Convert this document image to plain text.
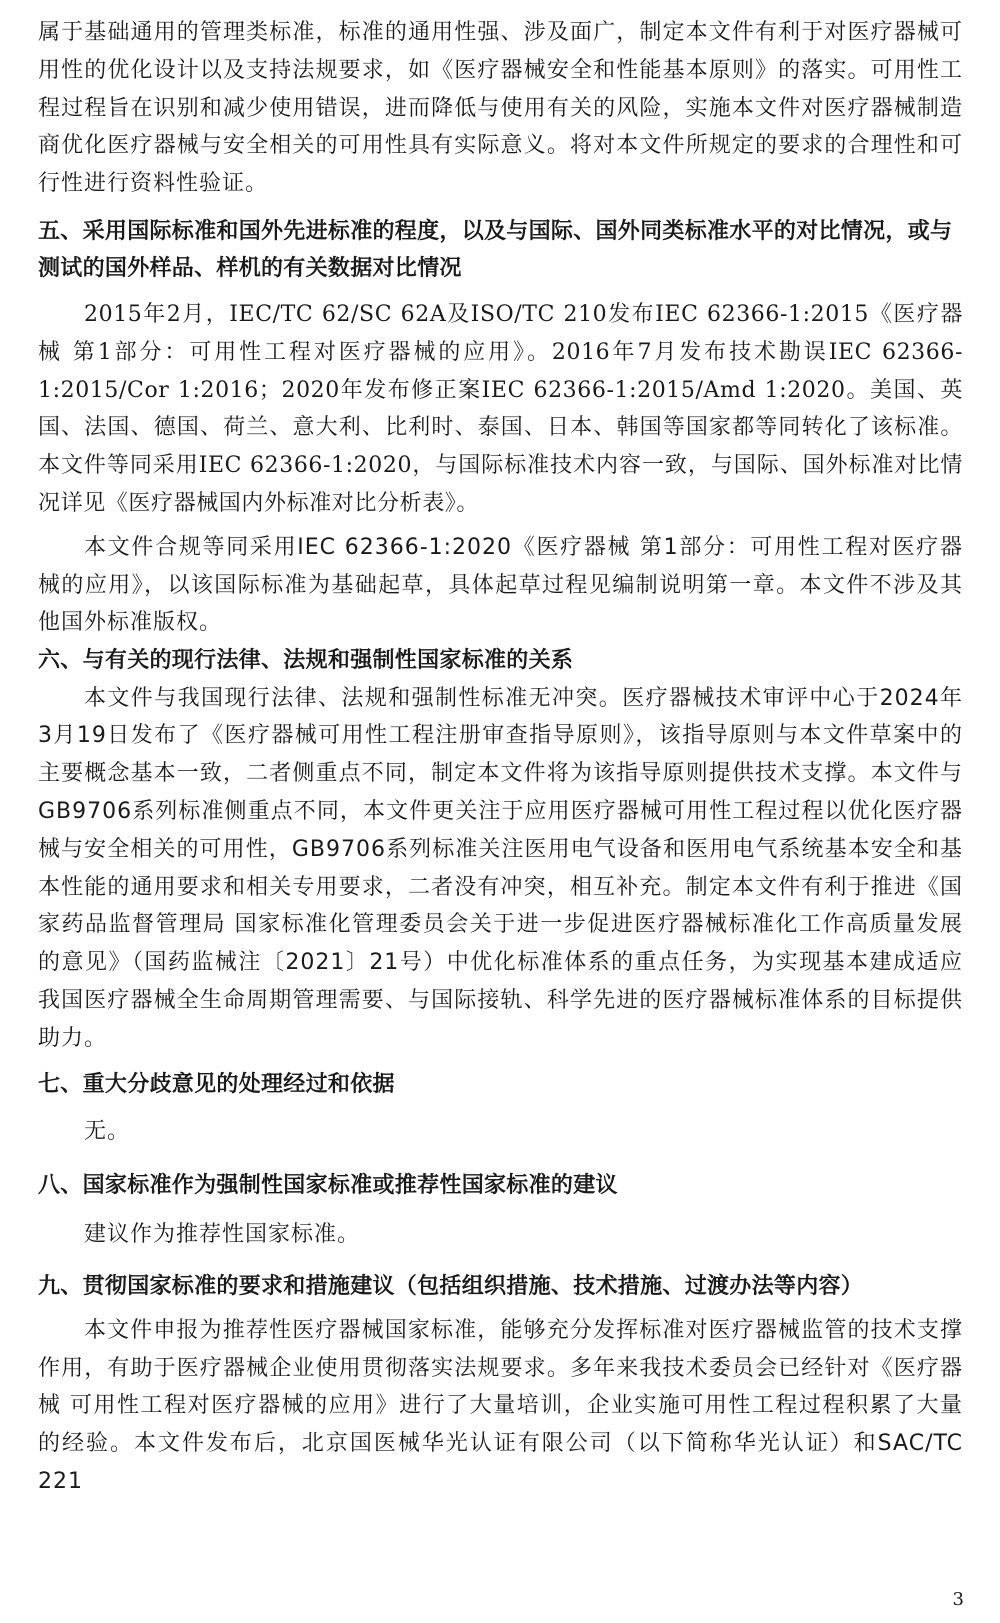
属于基础通用的管理类标准，标准的通用性强、涉及面广，制定本文件有利于对医疗器械可用性的优化设计以及支持法规要求，如《医疗器械安全和性能基本原则》的落实。可用性工程过程旨在识别和减少使用错误，进而降低与使用有关的风险，实施本文件对医疗器械制造商优化医疗器械与安全相关的可用性具有实际意义。将对本文件所规定的要求的合理性和可行性进行资料性验证。

五、采用国际标准和国外先进标准的程度，以及与国际、国外同类标准水平的对比情况，或与测试的国外样品、样机的有关数据对比情况

2015年2月，IEC/TC 62/SC 62A及ISO/TC 210发布IEC 62366-1:2015《医疗器械 第1部分：可用性工程对医疗器械的应用》。2016年7月发布技术勘误IEC 62366-1:2015/Cor 1:2016；2020年发布修正案IEC 62366-1:2015/Amd 1:2020。美国、英国、法国、德国、荷兰、意大利、比利时、泰国、日本、韩国等国家都等同转化了该标准。本文件等同采用IEC 62366-1:2020，与国际标准技术内容一致，与国际、国外标准对比情况详见《医疗器械国内外标准对比分析表》。

本文件合规等同采用IEC 62366-1:2020《医疗器械 第1部分：可用性工程对医疗器械的应用》，以该国际标准为基础起草，具体起草过程见编制说明第一章。本文件不涉及其他国外标准版权。

六、与有关的现行法律、法规和强制性国家标准的关系

本文件与我国现行法律、法规和强制性标准无冲突。医疗器械技术审评中心于2024年3月19日发布了《医疗器械可用性工程注册审查指导原则》，该指导原则与本文件草案中的主要概念基本一致，二者侧重点不同，制定本文件将为该指导原则提供技术支撑。本文件与GB9706系列标准侧重点不同，本文件更关注于应用医疗器械可用性工程过程以优化医疗器械与安全相关的可用性，GB9706系列标准关注医用电气设备和医用电气系统基本安全和基本性能的通用要求和相关专用要求，二者没有冲突，相互补充。制定本文件有利于推进《国家药品监督管理局 国家标准化管理委员会关于进一步促进医疗器械标准化工作高质量发展的意见》（国药监械注〔2021〕21号）中优化标准体系的重点任务，为实现基本建成适应我国医疗器械全生命周期管理需要、与国际接轨、科学先进的医疗器械标准体系的目标提供助力。

七、重大分歧意见的处理经过和依据

无。

八、国家标准作为强制性国家标准或推荐性国家标准的建议

建议作为推荐性国家标准。

九、贯彻国家标准的要求和措施建议（包括组织措施、技术措施、过渡办法等内容）

本文件申报为推荐性医疗器械国家标准，能够充分发挥标准对医疗器械监管的技术支撑作用，有助于医疗器械企业使用贯彻落实法规要求。多年来我技术委员会已经针对《医疗器械 可用性工程对医疗器械的应用》进行了大量培训，企业实施可用性工程过程积累了大量的经验。本文件发布后，北京国医械华光认证有限公司（以下简称华光认证）和SAC/TC 221

3
